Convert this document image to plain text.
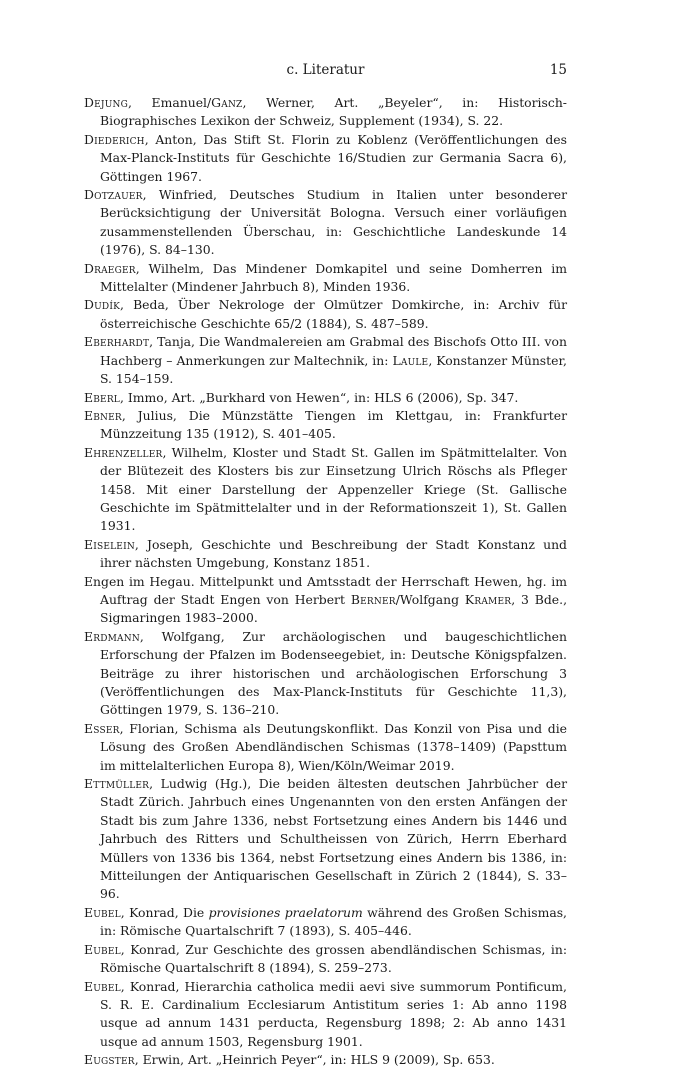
c. Literatur	15
Dejung, Emanuel/Ganz, Werner, Art. „Beyeler“, in: Historisch-Biographisches Lexikon der Schweiz, Supplement (1934), S. 22.
Diederich, Anton, Das Stift St. Florin zu Koblenz (Veröffentlichungen des Max-Planck-Instituts für Geschichte 16/Studien zur Germania Sacra 6), Göttingen 1967.
Dotzauer, Winfried, Deutsches Studium in Italien unter besonderer Berücksichtigung der Universität Bologna. Versuch einer vorläufigen zusammenstellenden Überschau, in: Geschichtliche Landeskunde 14 (1976), S. 84–130.
Draeger, Wilhelm, Das Mindener Domkapitel und seine Domherren im Mittelalter (Mindener Jahrbuch 8), Minden 1936.
Dudík, Beda, Über Nekrologe der Olmützer Domkirche, in: Archiv für österreichische Geschichte 65/2 (1884), S. 487–589.
Eberhardt, Tanja, Die Wandmalereien am Grabmal des Bischofs Otto III. von Hachberg – Anmerkungen zur Maltechnik, in: Laule, Konstanzer Münster, S. 154–159.
Eberl, Immo, Art. „Burkhard von Hewen“, in: HLS 6 (2006), Sp. 347.
Ebner, Julius, Die Münzstätte Tiengen im Klettgau, in: Frankfurter Münzzeitung 135 (1912), S. 401–405.
Ehrenzeller, Wilhelm, Kloster und Stadt St. Gallen im Spätmittelalter. Von der Blütezeit des Klosters bis zur Einsetzung Ulrich Röschs als Pfleger 1458. Mit einer Darstellung der Appenzeller Kriege (St. Gallische Geschichte im Spätmittelalter und in der Reformationszeit 1), St. Gallen 1931.
Eiselein, Joseph, Geschichte und Beschreibung der Stadt Konstanz und ihrer nächsten Umgebung, Konstanz 1851.
Engen im Hegau. Mittelpunkt und Amtsstadt der Herrschaft Hewen, hg. im Auftrag der Stadt Engen von Herbert Berner/Wolfgang Kramer, 3 Bde., Sigmaringen 1983–2000.
Erdmann, Wolfgang, Zur archäologischen und baugeschichtlichen Erforschung der Pfalzen im Bodenseegebiet, in: Deutsche Königspfalzen. Beiträge zu ihrer historischen und archäologischen Erforschung 3 (Veröffentlichungen des Max-Planck-Instituts für Geschichte 11,3), Göttingen 1979, S. 136–210.
Esser, Florian, Schisma als Deutungskonflikt. Das Konzil von Pisa und die Lösung des Großen Abendländischen Schismas (1378–1409) (Papsttum im mittelalterlichen Europa 8), Wien/Köln/Weimar 2019.
Ettmüller, Ludwig (Hg.), Die beiden ältesten deutschen Jahrbücher der Stadt Zürich. Jahrbuch eines Ungenannten von den ersten Anfängen der Stadt bis zum Jahre 1336, nebst Fortsetzung eines Andern bis 1446 und Jahrbuch des Ritters und Schultheissen von Zürich, Herrn Eberhard Müllers von 1336 bis 1364, nebst Fortsetzung eines Andern bis 1386, in: Mitteilungen der Antiquarischen Gesellschaft in Zürich 2 (1844), S. 33–96.
Eubel, Konrad, Die provisiones praelatorum während des Großen Schismas, in: Römische Quartalschrift 7 (1893), S. 405–446.
Eubel, Konrad, Zur Geschichte des grossen abendländischen Schismas, in: Römische Quartalschrift 8 (1894), S. 259–273.
Eubel, Konrad, Hierarchia catholica medii aevi sive summorum Pontificum, S. R. E. Cardinalium Ecclesiarum Antistitum series 1: Ab anno 1198 usque ad annum 1431 perducta, Regensburg 1898; 2: Ab anno 1431 usque ad annum 1503, Regensburg 1901.
Eugster, Erwin, Art. „Heinrich Peyer“, in: HLS 9 (2009), Sp. 653.
